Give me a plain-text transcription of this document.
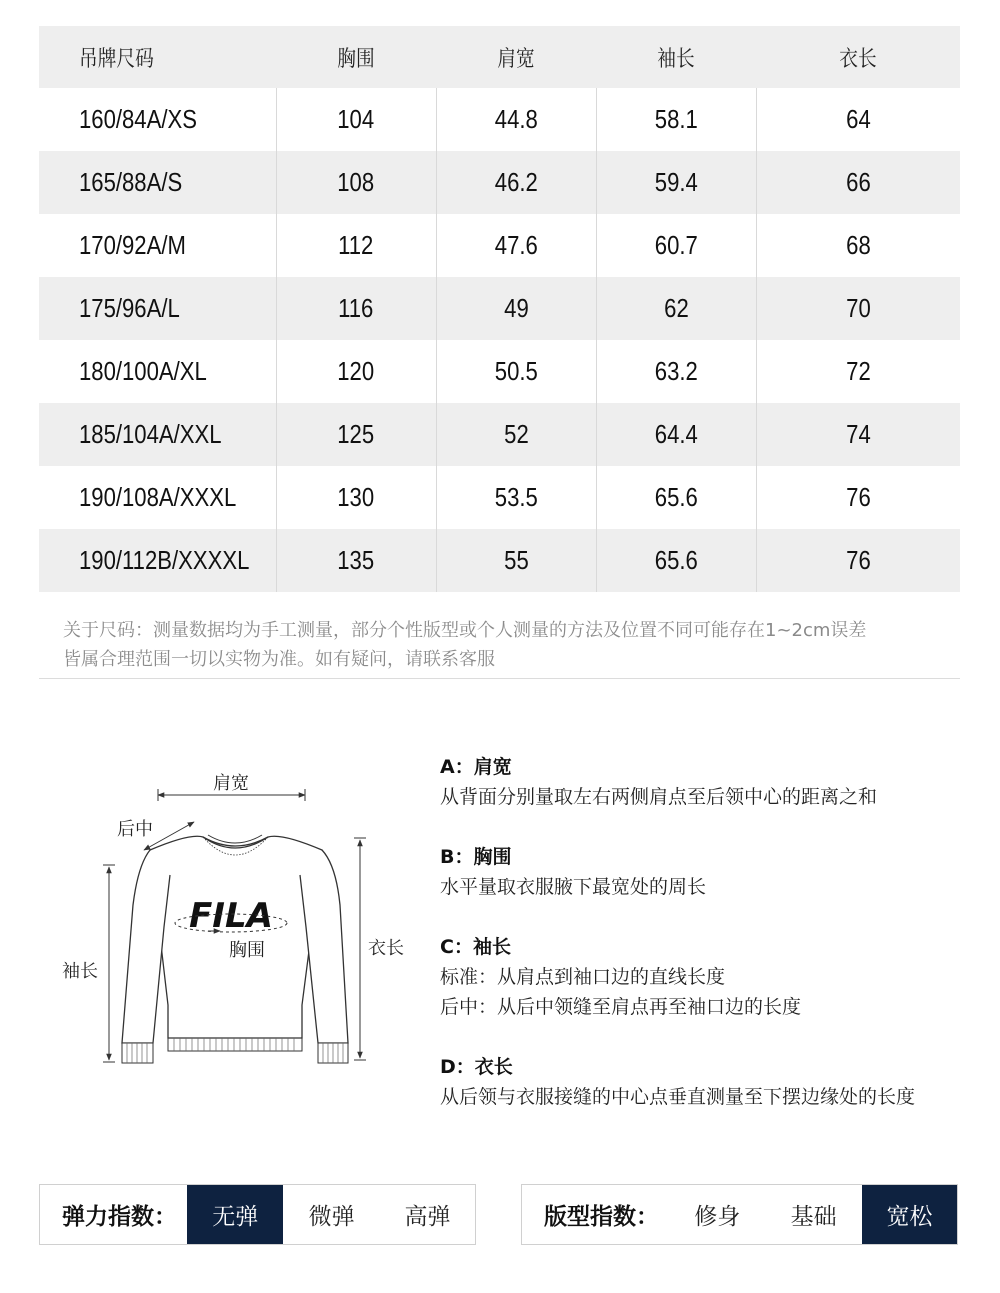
吊牌尺码	胸围	肩宽	袖长	衣长
160/84A/XS	104	44.8	58.1	64
165/88A/S	108	46.2	59.4	66
170/92A/M	112	47.6	60.7	68
175/96A/L	116	49	62	70
180/100A/XL	120	50.5	63.2	72
185/104A/XXL	125	52	64.4	74
190/108A/XXXL	130	53.5	65.6	76
190/112B/XXXXL	135	55	65.6	76
关于尺码：测量数据均为手工测量，部分个性版型或个人测量的方法及位置不同可能存在1~2cm误差
皆属合理范围一切以实物为准。如有疑问，请联系客服
FILA
肩宽
后中
袖长
胸围	衣长
A：肩宽
从背面分别量取左右两侧肩点至后领中心的距离之和
B：胸围
水平量取衣服腋下最宽处的周长
C：袖长
标准：从肩点到袖口边的直线长度
后中：从后中领缝至肩点再至袖口边的长度
D：衣长
从后领与衣服接缝的中心点垂直测量至下摆边缘处的长度
弹力指数：	无弹	微弹	高弹	版型指数：	修身	基础	宽松
